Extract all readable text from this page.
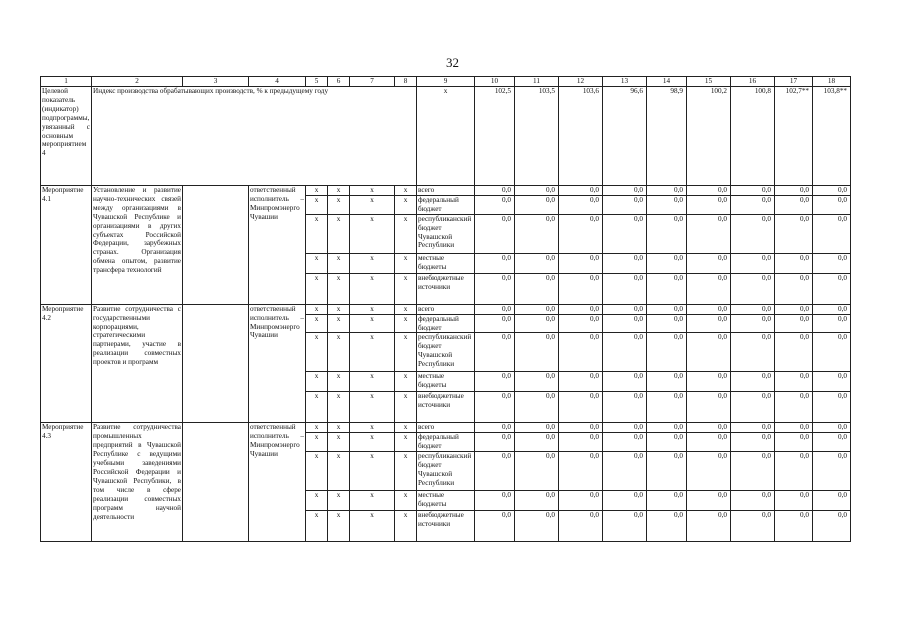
32
1	2	3	4	5	6	7	8	9	10	11	12	13	14	15	16	17	18
Целевой показатель (индикатор) подпрограммы, увязанный с основным мероприятием 4	Индекс производства обрабатывающих производств, % к предыдущему году							х	102,5	103,5	103,6	96,6	98,9	100,2	100,8	102,7**	103,8**
Мероприятие 4.1	Установление и развитие научно-технических связей между организациями в Чувашской Республике и организациями в других субъектах Российской Федерации, зарубежных странах. Организация обмена опытом, развитие трансфера технологий		ответственный исполнитель – Минпромэнерго Чувашии	х	х	х	х	всего	0,0	0,0	0,0	0,0	0,0	0,0	0,0	0,0	0,0
				х	х	х	х	федеральный бюджет	0,0	0,0	0,0	0,0	0,0	0,0	0,0	0,0	0,0
				х	х	х	х	республиканский бюджет Чувашской Республики	0,0	0,0	0,0	0,0	0,0	0,0	0,0	0,0	0,0
				х	х	х	х	местные бюджеты	0,0	0,0	0,0	0,0	0,0	0,0	0,0	0,0	0,0
				х	х	х	х	внебюджетные источники	0,0	0,0	0,0	0,0	0,0	0,0	0,0	0,0	0,0
Мероприятие 4.2	Развитие сотрудничества с государственными корпорациями, стратегическими партнерами, участие в реализации совместных проектов и программ		ответственный исполнитель – Минпромэнерго Чувашии	х	х	х	х	всего	0,0	0,0	0,0	0,0	0,0	0,0	0,0	0,0	0,0
				х	х	х	х	федеральный бюджет	0,0	0,0	0,0	0,0	0,0	0,0	0,0	0,0	0,0
				х	х	х	х	республиканский бюджет Чувашской Республики	0,0	0,0	0,0	0,0	0,0	0,0	0,0	0,0	0,0
				х	х	х	х	местные бюджеты	0,0	0,0	0,0	0,0	0,0	0,0	0,0	0,0	0,0
				х	х	х	х	внебюджетные источники	0,0	0,0	0,0	0,0	0,0	0,0	0,0	0,0	0,0
Мероприятие 4.3	Развитие сотрудничества промышленных предприятий в Чувашской Республике с ведущими учебными заведениями Российской Федерации и Чувашской Республики, в том числе в сфере реализации совместных программ научной деятельности		ответственный исполнитель – Минпромэнерго Чувашии	х	х	х	х	всего	0,0	0,0	0,0	0,0	0,0	0,0	0,0	0,0	0,0
				х	х	х	х	федеральный бюджет	0,0	0,0	0,0	0,0	0,0	0,0	0,0	0,0	0,0
				х	х	х	х	республиканский бюджет Чувашской Республики	0,0	0,0	0,0	0,0	0,0	0,0	0,0	0,0	0,0
				х	х	х	х	местные бюджеты	0,0	0,0	0,0	0,0	0,0	0,0	0,0	0,0	0,0
				х	х	х	х	внебюджетные источники	0,0	0,0	0,0	0,0	0,0	0,0	0,0	0,0	0,0
